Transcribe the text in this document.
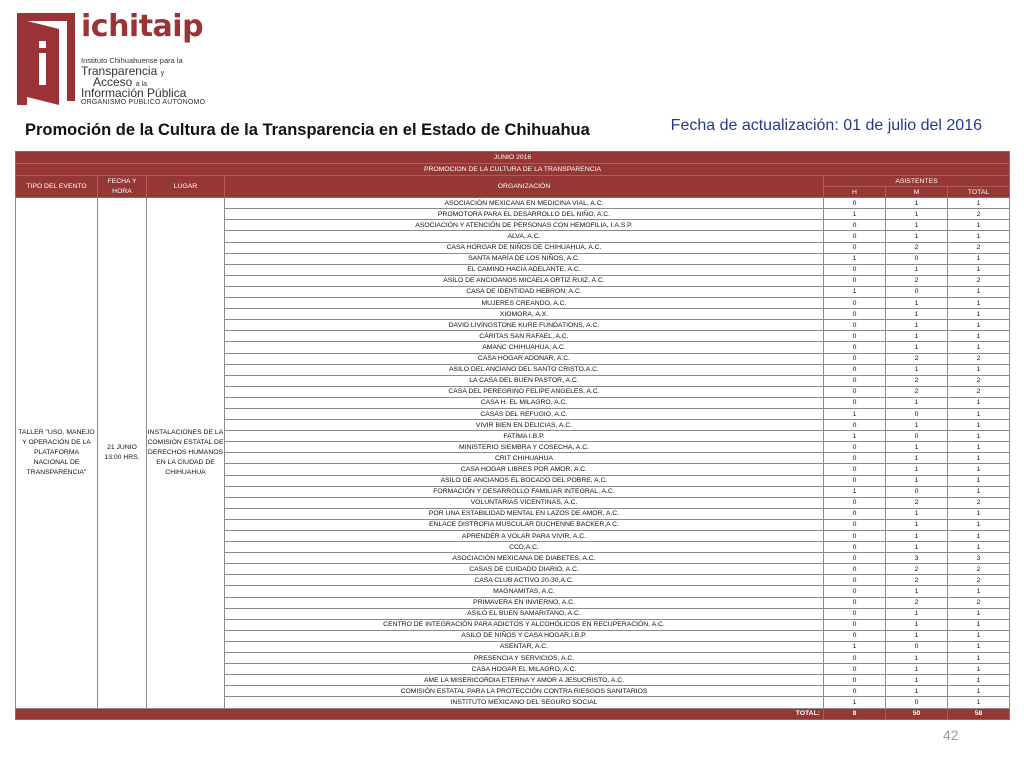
ichitaip
Instituto Chihuahuense para la
Transparencia y
Acceso a la
Información Pública
ORGANISMO PÚBLICO AUTÓNOMO
Promoción de la Cultura de la Transparencia en el Estado de Chihuahua	Fecha de actualización: 01 de julio del 2016
JUNIO 2016						
PROMOCION DE LA CULTURA DE LA TRANSPARENCIA						
TIPO DEL EVENTO	FECHA Y HORA	LUGAR	ORGANIZACIÓN	ASISTENTES		
				H	M	TOTAL
TALLER "USO, MANEJO Y OPERACIÓN DE LA PLATAFORMA NACIONAL DE TRANSPARENCIA"	21 JUNIO 13:00 HRS.	INSTALACIONES DE LA COMISIÓN ESTATAL DE DERECHOS HUMANOS EN LA CIUDAD DE CHIHUAHUA	ASOCIACIÓN MEXICANA EN MEDICINA VIAL, A.C.	0	1	1
			PROMOTORA PARA EL DESARROLLO DEL NIÑO, A.C.	1	1	2
			ASOCIACIÓN Y ATENCIÓN DE PERSONAS CON HEMOFILIA, I.A.S.P.	0	1	1
			ALVA, A.C.	0	1	1
			CASA HORGAR DE NIÑOS DE CHIHUAHUA, A.C.	0	2	2
			SANTA MARÍA DE LOS NIÑOS, A.C.	1	0	1
			EL CAMINO HACIA ADELANTE, A.C.	0	1	1
			ASILO DE ANCIOANOS MICAELA ORTIZ RUIZ, A.C.	0	2	2
			CASA DE IDENTIDAD HEBRON, A.C.	1	0	1
			MUJERES CREANDO, A.C.	0	1	1
			XIOMORA, A.X.	0	1	1
			DAVID LIVINGSTONE KURE FUNDATIONS, A.C.	0	1	1
			CÁRITAS SAN RAFAEL, A.C.	0	1	1
			AMANC CHIHUAHUA, A.C.	0	1	1
			CASA HOGAR ADONAR, A.C.	0	2	2
			ASILO DEL ANCIANO DEL SANTO CRISTO,A.C.	0	1	1
			LA CASA DEL BUEN PASTOR, A.C.	0	2	2
			CASA DEL PEREGRINO FELIPE ANGELES, A.C.	0	2	2
			CASA H. EL MILAGRO, A.C.	0	1	1
			CASAS DEL REFUGIO, A.C.	1	0	1
			VIVIR BIEN EN DELICIAS, A.C.	0	1	1
			FATIMA I.B.P.	1	0	1
			MINISTERIO SIEMBRA Y COSECHA, A.C.	0	1	1
			CRIT CHIHUAHUA	0	1	1
			CASA HOGAR LIBRES POR AMOR, A.C.	0	1	1
			ASILO DE ANCIANOS EL BOCADO DEL POBRE, A.C.	0	1	1
			FORMACIÓN Y DESARROLLO FAMILIAR INTEGRAL, A.C.	1	0	1
			VOLUNTARIAS VICENTINAS, A.C.	0	2	2
			POR UNA ESTABILIDAD MENTAL EN LAZOS DE AMOR, A.C.	0	1	1
			ENLACE DISTROFIA MUSCULAR DUCHENNE BACKER,A C.	0	1	1
			APRENDER A VOLAR PARA VIVIR, A.C.	0	1	1
			CCD,A.C.	0	1	1
			ASOCIACIÓN MEXICANA DE DIABETES, A.C.	0	3	3
			CASAS DE CUIDADO DIARIO, A.C.	0	2	2
			CASA CLUB ACTIVO 20-30,A.C.	0	2	2
			MAGNAMITAS, A.C.	0	1	1
			PRIMAVERA EN INVIERNO, A.C.	0	2	2
			ASILO EL BUEN SAMARITANO, A.C.	0	1	1
			CENTRO DE INTEGRACIÓN PARA ADICTOS Y ALCOHÓLICOS EN RECUPERACIÓN, A.C.	0	1	1
			ASILO DE NIÑOS Y CASA HOGAR,I.B.P.	0	1	1
			ASENTAR, A.C.	1	0	1
			PRESENCIA Y SERVICIOS, A.C.	0	1	1
			CASA HOGAR EL MILAGRO, A.C.	0	1	1
			AME LA MISERICORDIA ETERNA Y AMOR A JESUCRISTO, A.C.	0	1	1
			COMISIÓN ESTATAL PARA LA PROTECCIÓN CONTRA RIESGOS SANITARIOS	0	1	1
			INSTITUTO MEXICANO DEL SEGURO SOCIAL	1	0	1
TOTAL:				8	50	58
42
